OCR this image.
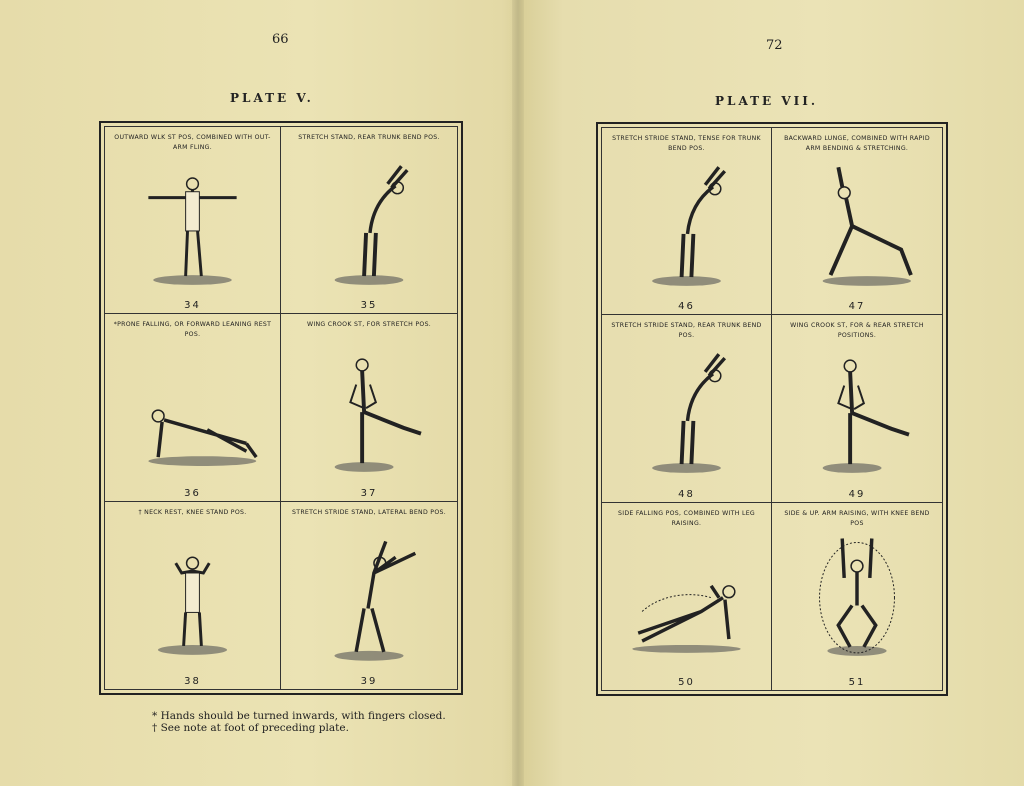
66
PLATE V.
OUTWARD WLK ST POS, COMBINED WITH OUT-ARM FLING.
34
STRETCH STAND, REAR TRUNK BEND POS.
35
*PRONE FALLING, OR FORWARD LEANING REST POS.
36
WING CROOK ST, FOR STRETCH POS.
37
† NECK REST, KNEE STAND POS.
38
STRETCH STRIDE STAND, LATERAL BEND POS.
39
* Hands should be turned inwards, with fingers closed.
† See note at foot of preceding plate.
72
PLATE VII.
STRETCH STRIDE STAND, TENSE FOR TRUNK BEND POS.
46
BACKWARD LUNGE, COMBINED WITH RAPID ARM BENDING & STRETCHING.
47
STRETCH STRIDE STAND, REAR TRUNK BEND POS.
48
WING CROOK ST, FOR & REAR STRETCH POSITIONS.
49
SIDE FALLING POS, COMBINED WITH LEG RAISING.
50
SIDE & UP. ARM RAISING, WITH KNEE BEND POS
51
